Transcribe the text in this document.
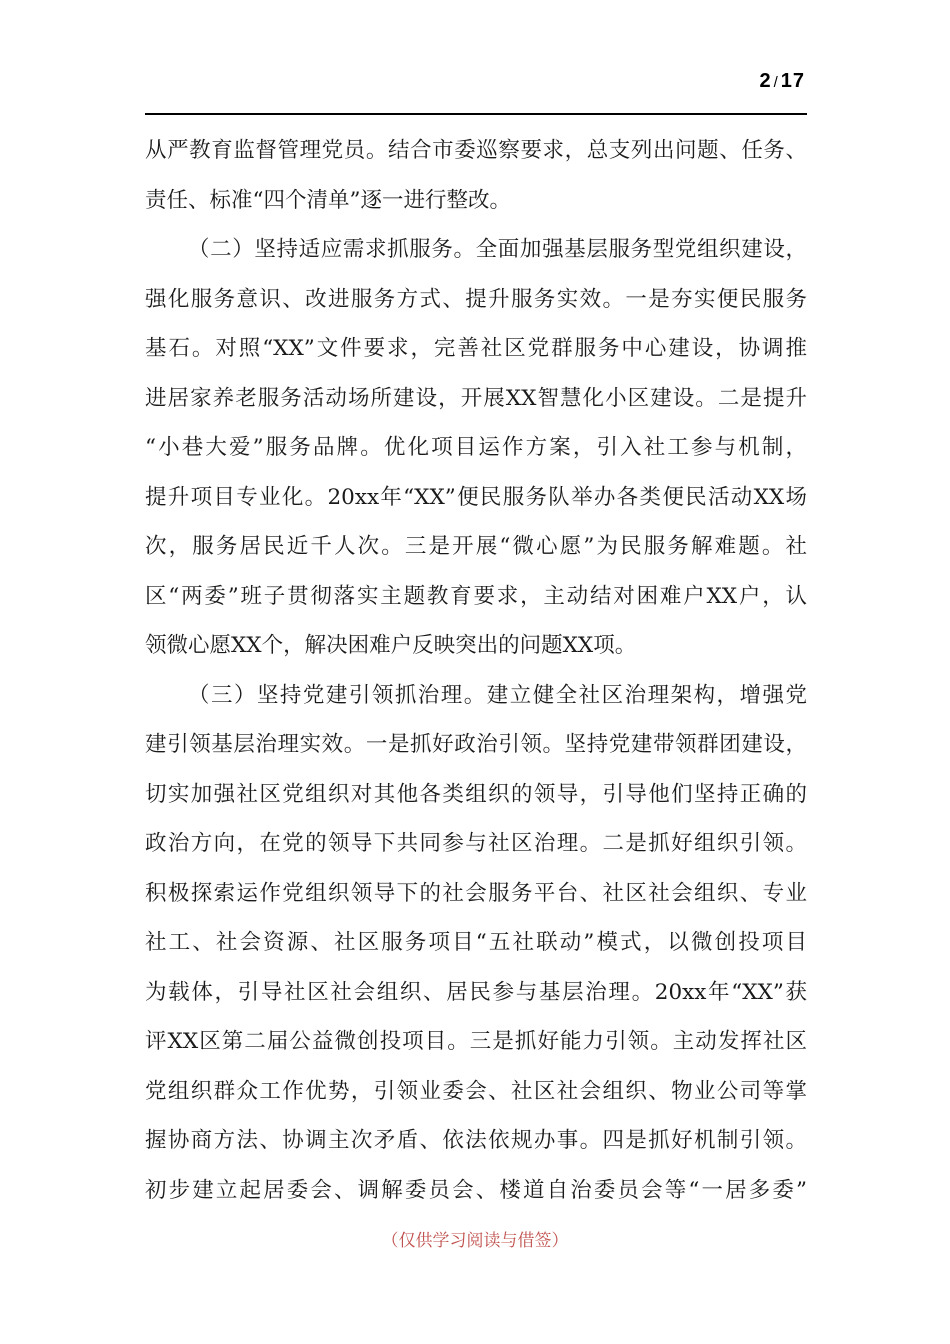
2 / 17
从严教育监督管理党员。结合市委巡察要求，总支列出问题、任务、
责任、标准“四个清单”逐一进行整改。
（二）坚持适应需求抓服务。全面加强基层服务型党组织建设，
强化服务意识、改进服务方式、提升服务实效。一是夯实便民服务
基石。对照“XX”文件要求，完善社区党群服务中心建设，协调推
进居家养老服务活动场所建设，开展XX智慧化小区建设。二是提升
“小巷大爱”服务品牌。优化项目运作方案，引入社工参与机制，
提升项目专业化。20xx年“XX”便民服务队举办各类便民活动XX场
次，服务居民近千人次。三是开展“微心愿”为民服务解难题。社
区“两委”班子贯彻落实主题教育要求，主动结对困难户XX户，认
领微心愿XX个，解决困难户反映突出的问题XX项。
（三）坚持党建引领抓治理。建立健全社区治理架构，增强党
建引领基层治理实效。一是抓好政治引领。坚持党建带领群团建设，
切实加强社区党组织对其他各类组织的领导，引导他们坚持正确的
政治方向，在党的领导下共同参与社区治理。二是抓好组织引领。
积极探索运作党组织领导下的社会服务平台、社区社会组织、专业
社工、社会资源、社区服务项目“五社联动”模式，以微创投项目
为载体，引导社区社会组织、居民参与基层治理。20xx年“XX”获
评XX区第二届公益微创投项目。三是抓好能力引领。主动发挥社区
党组织群众工作优势，引领业委会、社区社会组织、物业公司等掌
握协商方法、协调主次矛盾、依法依规办事。四是抓好机制引领。
初步建立起居委会、调解委员会、楼道自治委员会等“一居多委”
（仅供学习阅读与借签）
